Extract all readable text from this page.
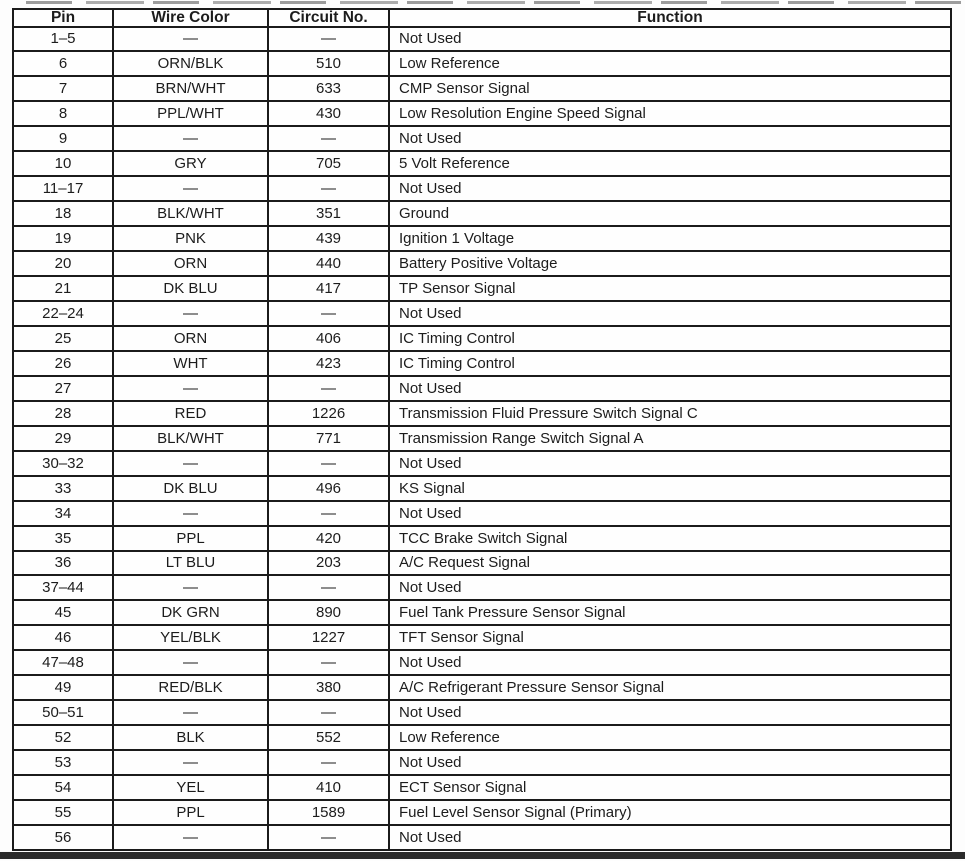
Pin	Wire Color	Circuit No.	Function
1–5	—	—	Not Used
6	ORN/BLK	510	Low Reference
7	BRN/WHT	633	CMP Sensor Signal
8	PPL/WHT	430	Low Resolution Engine Speed Signal
9	—	—	Not Used
10	GRY	705	5 Volt Reference
11–17	—	—	Not Used
18	BLK/WHT	351	Ground
19	PNK	439	Ignition 1 Voltage
20	ORN	440	Battery Positive Voltage
21	DK BLU	417	TP Sensor Signal
22–24	—	—	Not Used
25	ORN	406	IC Timing Control
26	WHT	423	IC Timing Control
27	—	—	Not Used
28	RED	1226	Transmission Fluid Pressure Switch Signal C
29	BLK/WHT	771	Transmission Range Switch Signal A
30–32	—	—	Not Used
33	DK BLU	496	KS Signal
34	—	—	Not Used
35	PPL	420	TCC Brake Switch Signal
36	LT BLU	203	A/C Request Signal
37–44	—	—	Not Used
45	DK GRN	890	Fuel Tank Pressure Sensor Signal
46	YEL/BLK	1227	TFT Sensor Signal
47–48	—	—	Not Used
49	RED/BLK	380	A/C Refrigerant Pressure Sensor Signal
50–51	—	—	Not Used
52	BLK	552	Low Reference
53	—	—	Not Used
54	YEL	410	ECT Sensor Signal
55	PPL	1589	Fuel Level Sensor Signal (Primary)
56	—	—	Not Used
